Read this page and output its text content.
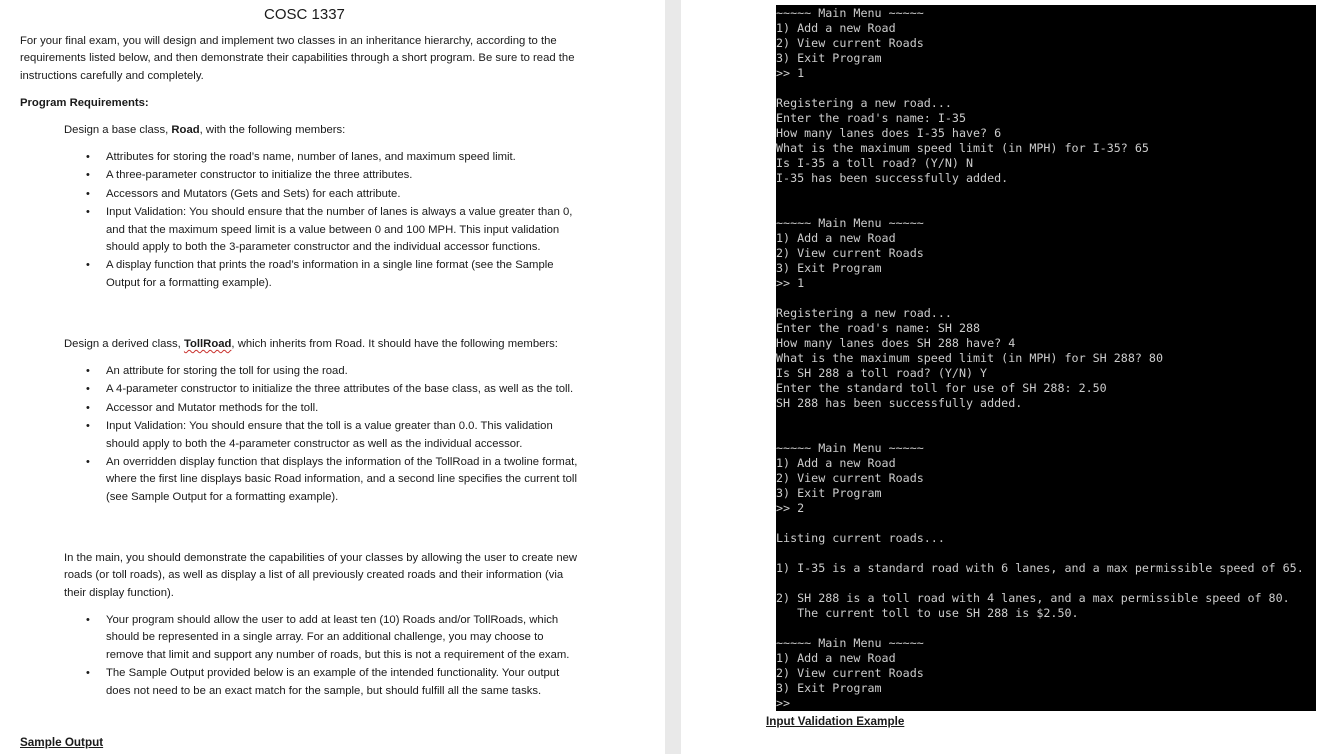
COSC 1337

For your final exam, you will design and implement two classes in an inheritance hierarchy, according to the requirements listed below, and then demonstrate their capabilities through a short program. Be sure to read the instructions carefully and completely.

Program Requirements:

Design a base class, Road, with the following members:

• Attributes for storing the road’s name, number of lanes, and maximum speed limit.
• A three-parameter constructor to initialize the three attributes.
• Accessors and Mutators (Gets and Sets) for each attribute.
• Input Validation: You should ensure that the number of lanes is always a value greater than 0, and that the maximum speed limit is a value between 0 and 100 MPH. This input validation should apply to both the 3-parameter constructor and the individual accessor functions.
• A display function that prints the road’s information in a single line format (see the Sample Output for a formatting example).

Design a derived class, TollRoad, which inherits from Road. It should have the following members:

• An attribute for storing the toll for using the road.
• A 4-parameter constructor to initialize the three attributes of the base class, as well as the toll.
• Accessor and Mutator methods for the toll.
• Input Validation: You should ensure that the toll is a value greater than 0.0. This validation should apply to both the 4-parameter constructor as well as the individual accessor.
• An overridden display function that displays the information of the TollRoad in a twoline format, where the first line displays basic Road information, and a second line specifies the current toll (see Sample Output for a formatting example).

In the main, you should demonstrate the capabilities of your classes by allowing the user to create new roads (or toll roads), as well as display a list of all previously created roads and their information (via their display function).

• Your program should allow the user to add at least ten (10) Roads and/or TollRoads, which should be represented in a single array. For an additional challenge, you may choose to remove that limit and support any number of roads, but this is not a requirement of the exam.
• The Sample Output provided below is an example of the intended functionality. Your output does not need to be an exact match for the sample, but should fulfill all the same tasks.
Sample Output
~~~~~ Main Menu ~~~~~
1) Add a new Road
2) View current Roads
3) Exit Program
>> 1
Registering a new road...
Enter the road's name: I-35
How many lanes does I-35 have? 6
What is the maximum speed limit (in MPH) for I-35? 65
Is I-35 a toll road? (Y/N) N
I-35 has been successfully added.
~~~~~ Main Menu ~~~~~
1) Add a new Road
2) View current Roads
3) Exit Program
>> 1
Registering a new road...
Enter the road's name: SH 288
How many lanes does SH 288 have? 4
What is the maximum speed limit (in MPH) for SH 288? 80
Is SH 288 a toll road? (Y/N) Y
Enter the standard toll for use of SH 288: 2.50
SH 288 has been successfully added.
~~~~~ Main Menu ~~~~~
1) Add a new Road
2) View current Roads
3) Exit Program
>> 2
Listing current roads...
1) I-35 is a standard road with 6 lanes, and a max permissible speed of 65.
2) SH 288 is a toll road with 4 lanes, and a max permissible speed of 80.
The current toll to use SH 288 is $2.50.
~~~~~ Main Menu ~~~~~
1) Add a new Road
2) View current Roads
3) Exit Program
>>
Input Validation Example
